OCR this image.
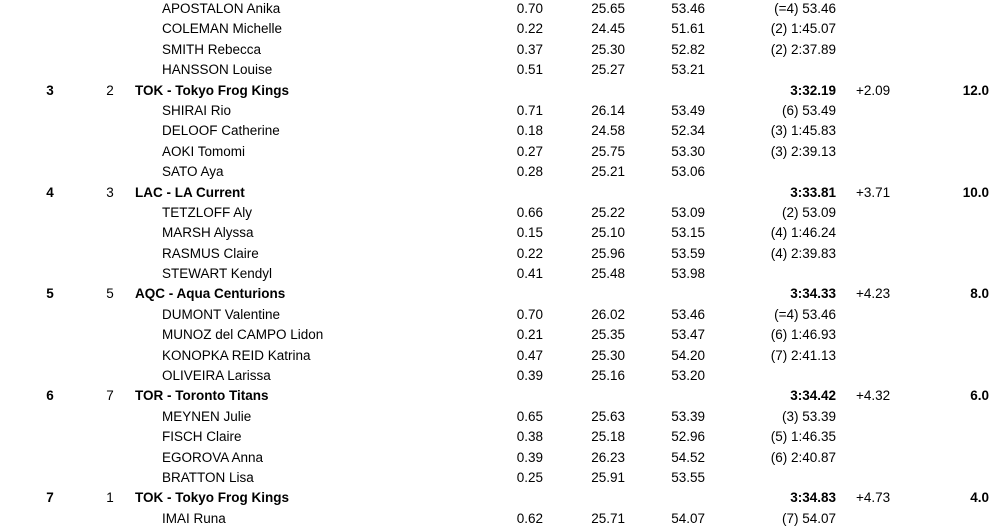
APOSTALON Anika	0.70	25.65	53.46	(=4) 53.46
COLEMAN Michelle	0.22	24.45	51.61	(2) 1:45.07
SMITH Rebecca	0.37	25.30	52.82	(2) 2:37.89
HANSSON Louise	0.51	25.27	53.21
3	2	TOK - Tokyo Frog Kings	3:32.19 +2.09	12.0
SHIRAI Rio	0.71	26.14	53.49	(6) 53.49
DELOOF Catherine	0.18	24.58	52.34	(3) 1:45.83
AOKI Tomomi	0.27	25.75	53.30	(3) 2:39.13
SATO Aya	0.28	25.21	53.06
4	3	LAC - LA Current	3:33.81 +3.71	10.0
TETZLOFF Aly	0.66	25.22	53.09	(2) 53.09
MARSH Alyssa	0.15	25.10	53.15	(4) 1:46.24
RASMUS Claire	0.22	25.96	53.59	(4) 2:39.83
STEWART Kendyl	0.41	25.48	53.98
5	5	AQC - Aqua Centurions	3:34.33 +4.23	8.0
DUMONT Valentine	0.70	26.02	53.46	(=4) 53.46
MUNOZ del CAMPO Lidon	0.21	25.35	53.47	(6) 1:46.93
KONOPKA REID Katrina	0.47	25.30	54.20	(7) 2:41.13
OLIVEIRA Larissa	0.39	25.16	53.20
6	7	TOR - Toronto Titans	3:34.42 +4.32	6.0
MEYNEN Julie	0.65	25.63	53.39	(3) 53.39
FISCH Claire	0.38	25.18	52.96	(5) 1:46.35
EGOROVA Anna	0.39	26.23	54.52	(6) 2:40.87
BRATTON Lisa	0.25	25.91	53.55
7	1	TOK - Tokyo Frog Kings	3:34.83 +4.73	4.0
IMAI Runa	0.62	25.71	54.07	(7) 54.07
